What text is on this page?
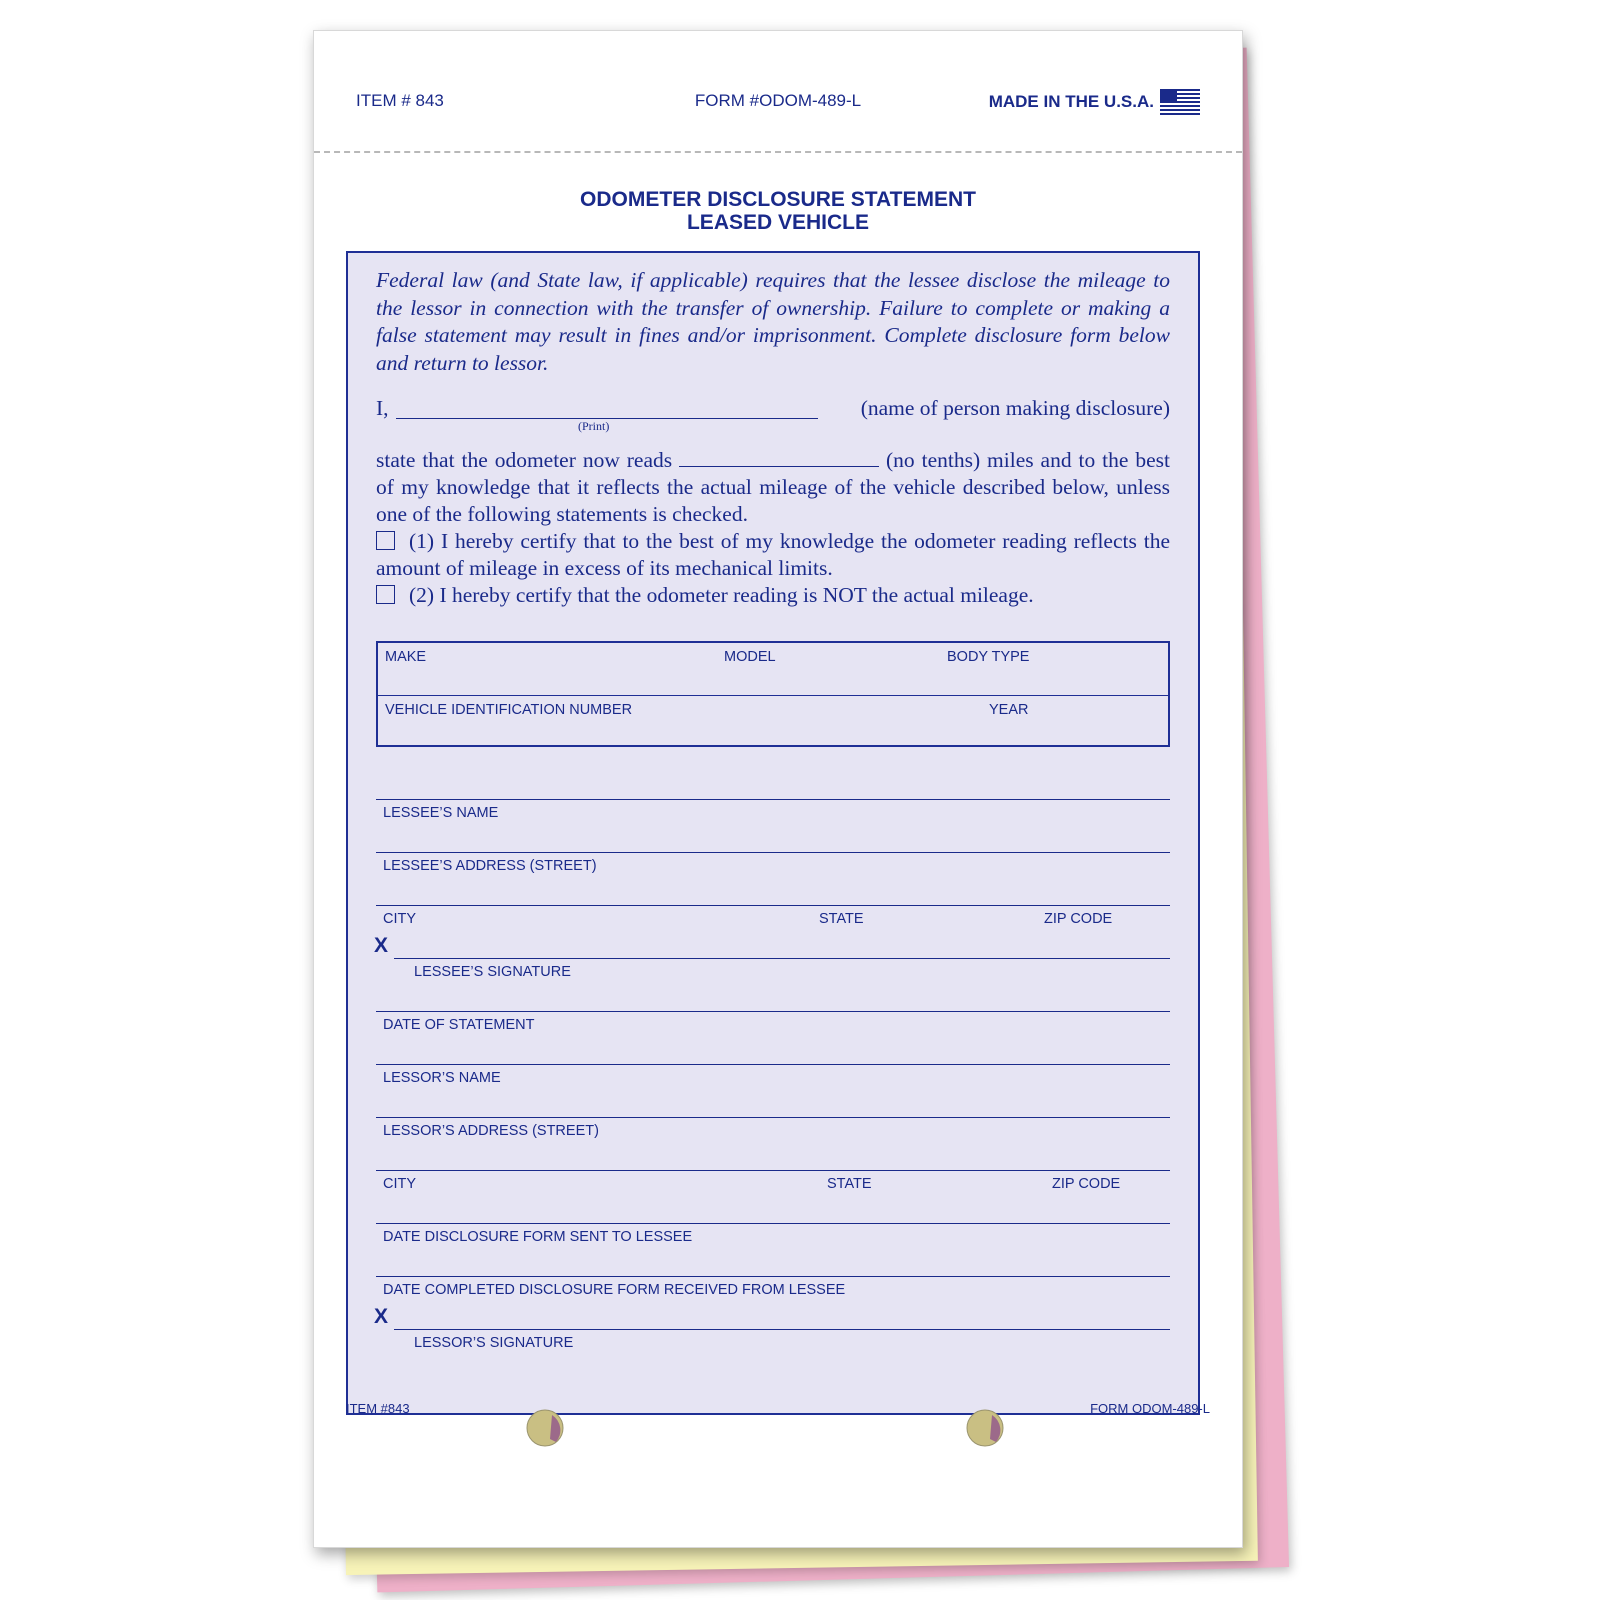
ITEM # 843	FORM #ODOM-489-L	MADE IN THE U.S.A.
ODOMETER DISCLOSURE STATEMENT
LEASED VEHICLE
Federal law (and State law, if applicable) requires that the lessee disclose the mileage to the lessor in connection with the transfer of ownership. Failure to complete or making a false statement may result in fines and/or imprisonment. Complete disclosure form below and return to lessor.
I,	(name of person making disclosure)
(Print)
state that the odometer now reads	(no tenths) miles and to the best of my knowledge that it reflects the actual mileage of the vehicle described below, unless one of the following statements is checked.
(1) I hereby certify that to the best of my knowledge the odometer reading reflects the amount of mileage in excess of its mechanical limits.
(2) I hereby certify that the odometer reading is NOT the actual mileage.
MAKE	MODEL	BODY TYPE
VEHICLE IDENTIFICATION NUMBER	YEAR
LESSEE’S NAME
LESSEE’S ADDRESS (STREET)
CITY	STATE	ZIP CODE
X
LESSEE’S SIGNATURE
DATE OF STATEMENT
LESSOR’S NAME
LESSOR’S ADDRESS (STREET)
CITY	STATE	ZIP CODE
DATE DISCLOSURE FORM SENT TO LESSEE
DATE COMPLETED DISCLOSURE FORM RECEIVED FROM LESSEE
X
LESSOR’S SIGNATURE
ITEM #843	FORM ODOM-489-L
